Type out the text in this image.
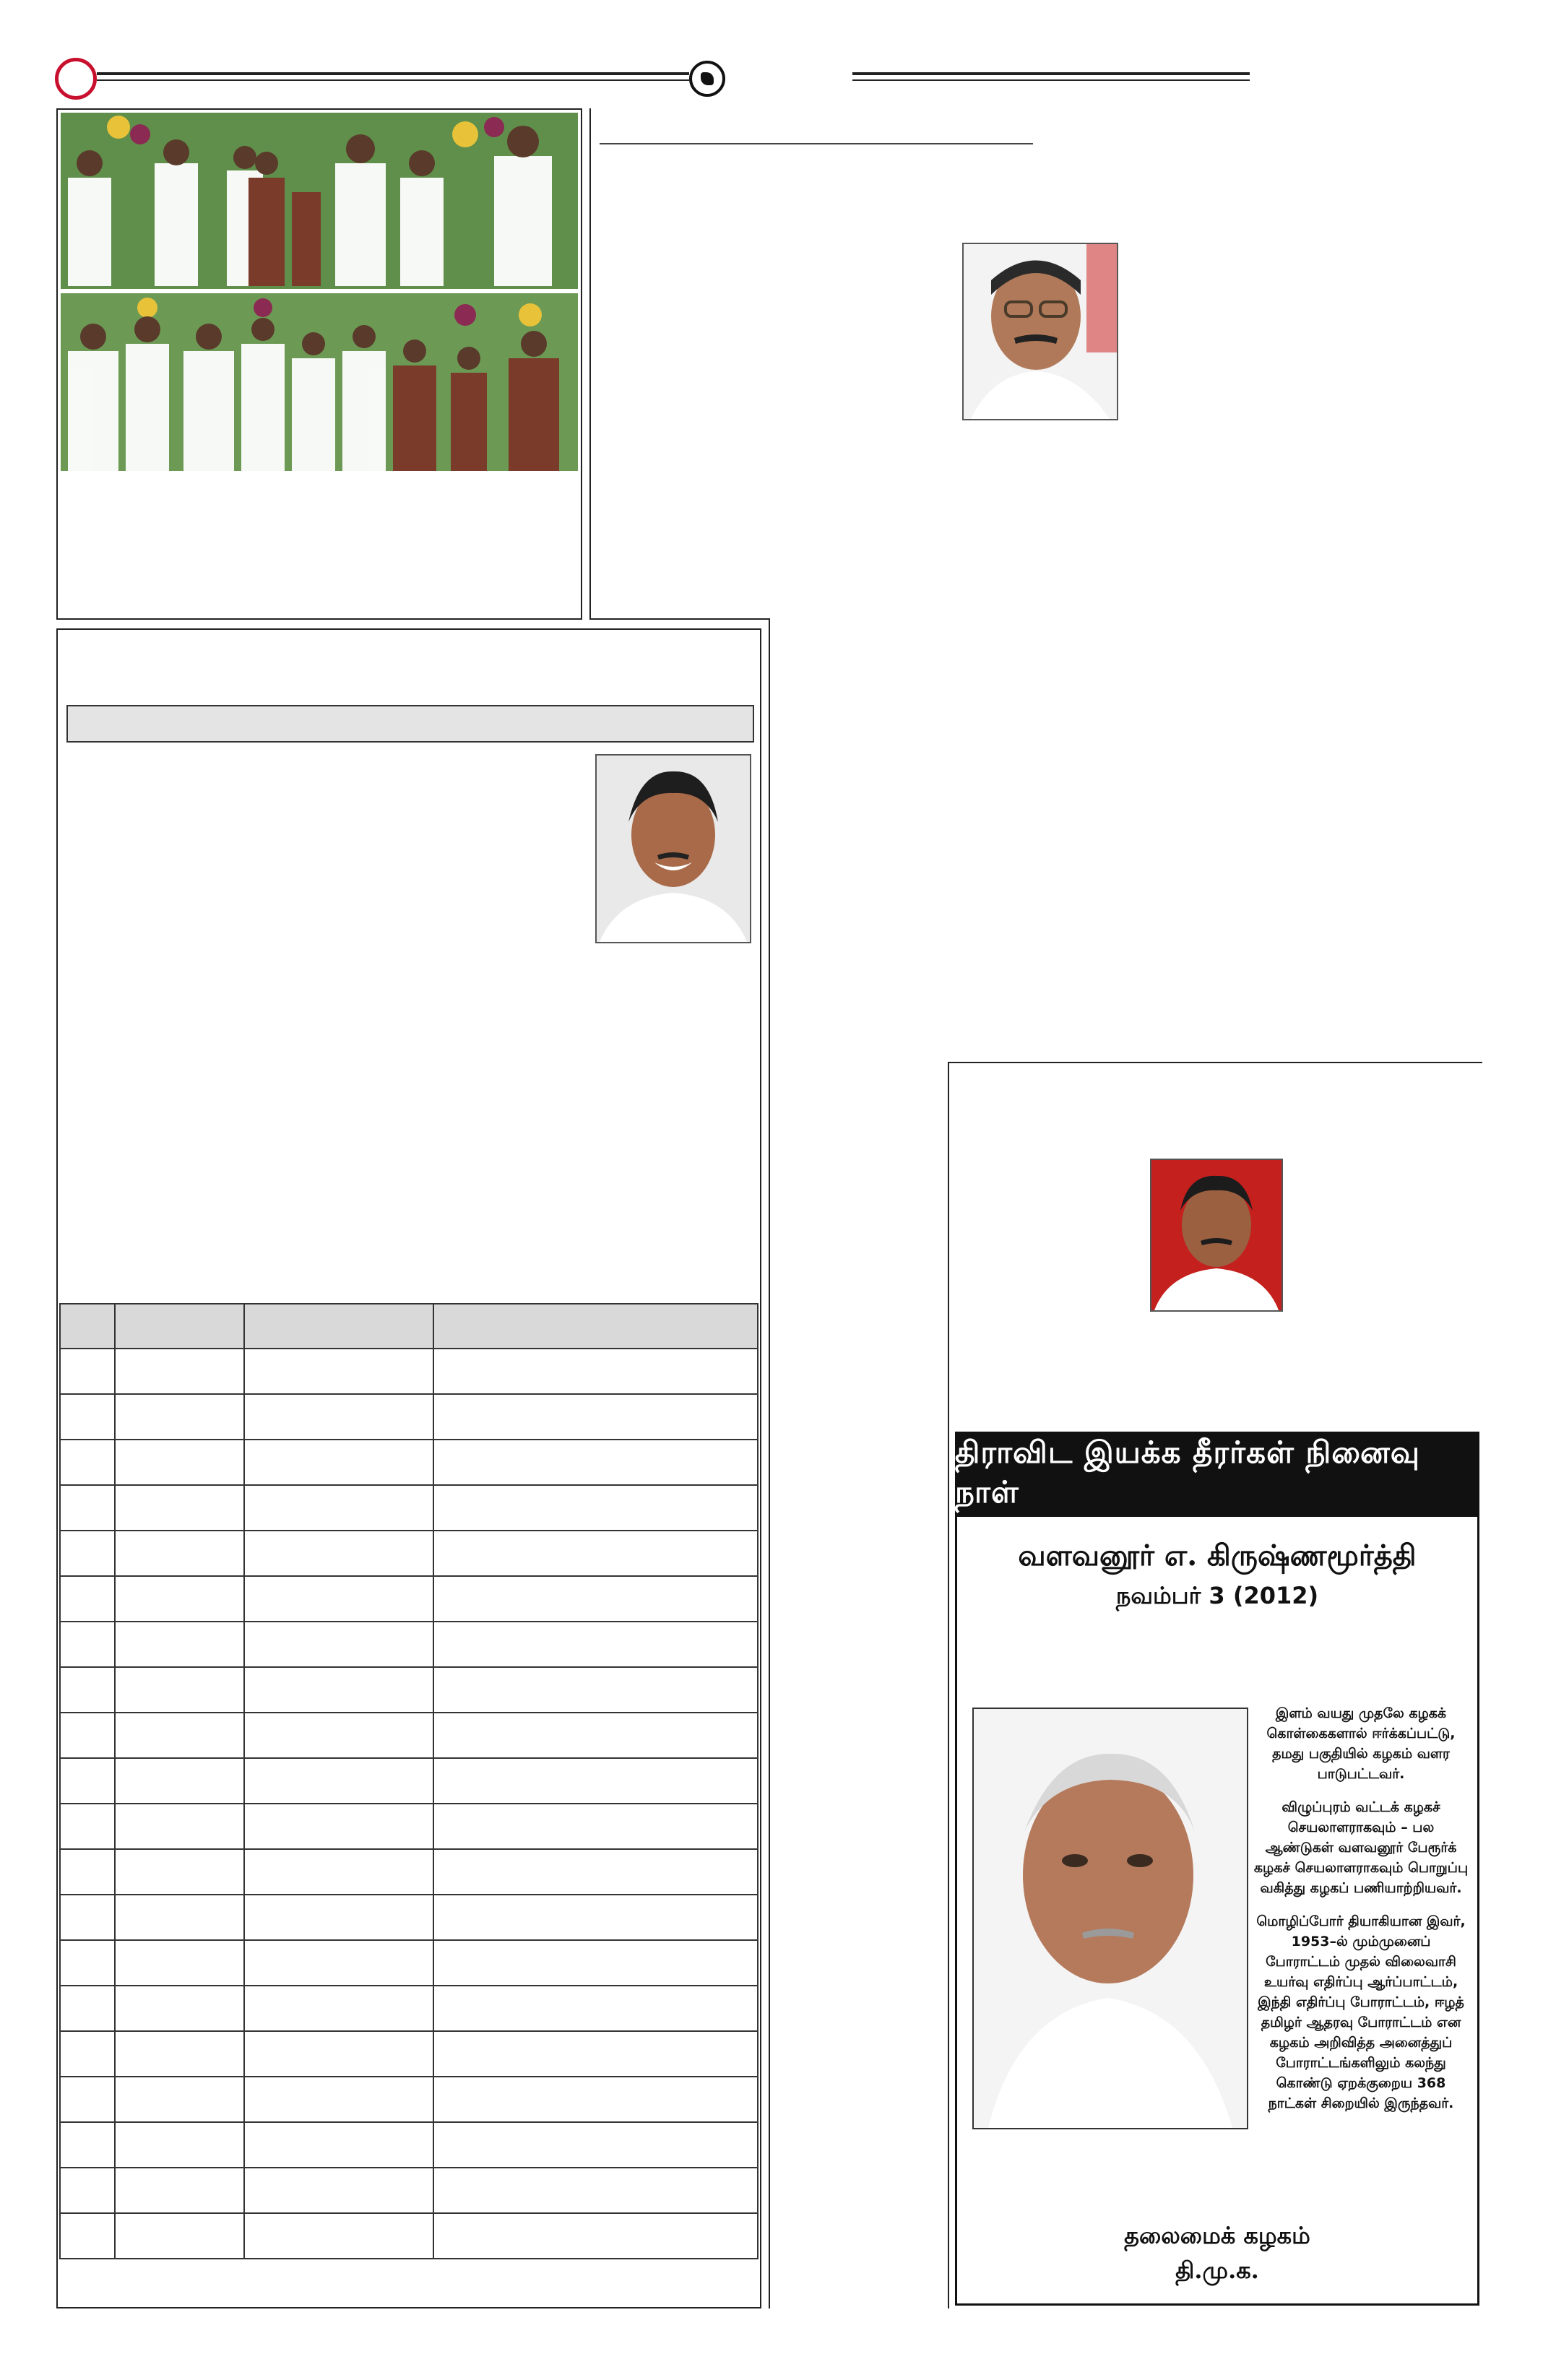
திராவிட இயக்க தீரர்கள் நினைவு நாள்
வளவனூர் எ. கிருஷ்ணமூர்த்தி
நவம்பர் 3 (2012)

இளம் வயது முதலே கழகக் கொள்கைகளால் ஈர்க்கப்பட்டு, தமது பகுதியில் கழகம் வளர பாடுபட்டவர்.

விழுப்புரம் வட்டக் கழகச் செயலாளராகவும் – பல ஆண்டுகள் வளவனூர் பேரூர்க் கழகச் செயலாளராகவும் பொறுப்பு வகித்து கழகப் பணியாற்றியவர்.

மொழிப்போர் தியாகியான இவர், 1953–ல் மும்முனைப் போராட்டம் முதல் விலைவாசி உயர்வு எதிர்ப்பு ஆர்ப்பாட்டம், இந்தி எதிர்ப்பு போராட்டம், ஈழத் தமிழர் ஆதரவு போராட்டம் என கழகம் அறிவித்த அனைத்துப் போராட்டங்களிலும் கலந்து கொண்டு ஏறக்குறைய 368 நாட்கள் சிறையில் இருந்தவர்.

தலைமைக் கழகம்
தி.மு.க.
